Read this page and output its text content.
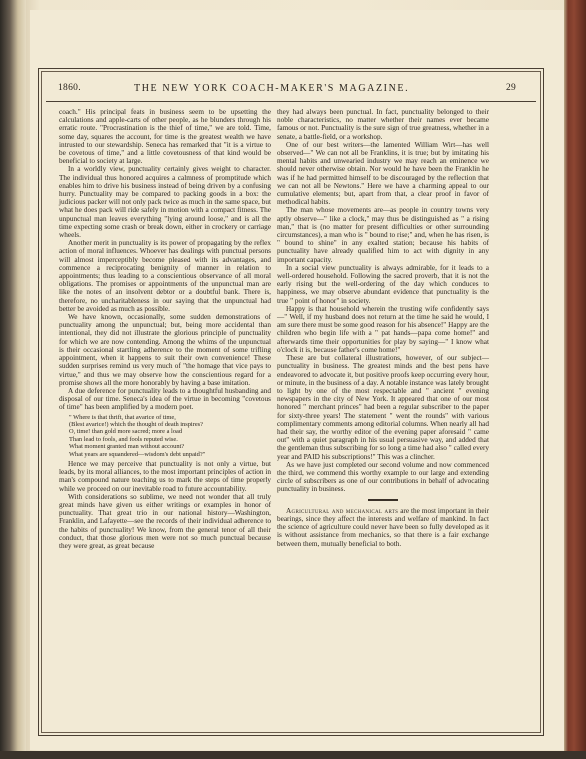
1860.	THE NEW YORK COACH-MAKER'S MAGAZINE.	29

coach." His principal feats in business seem to be upsetting the calculations and apple-carts of other people, as he blunders through his erratic route. "Procrastination is the thief of time," we are told. Time, some day, squares the account, for time is the greatest wealth we have intrusted to our stewardship. Seneca has remarked that "it is a virtue to be covetous of time," and a little covetousness of that kind would be beneficial to society at large.

In a worldly view, punctuality certainly gives weight to character. The individual thus honored acquires a calmness of promptitude which enables him to drive his business instead of being driven by a confusing hurry. Punctuality may be compared to packing goods in a box: the judicious packer will not only pack twice as much in the same space, but what he does pack will ride safely in motion with a compact fitness. The unpunctual man leaves everything "lying around loose," and is all the time expecting some crash or break down, either in crockery or carriage wheels.

Another merit in punctuality is its power of propagating by the reflex action of moral influences. Whoever has dealings with punctual persons will almost imperceptibly become pleased with its advantages, and commence a reciprocating benignity of manner in relation to appointments; thus leading to a conscientious observance of all moral obligations. The promises or appointments of the unpunctual man are like the notes of an insolvent debtor or a doubtful bank. There is, therefore, no uncharitableness in our saying that the unpunctual had better be avoided as much as possible.

We have known, occasionally, some sudden demonstrations of punctuality among the unpunctual; but, being more accidental than intentional, they did not illustrate the glorious principle of punctuality for which we are now contending. Among the whims of the unpunctual is their occasional startling adherence to the moment of some trifling appointment, when it happens to suit their own convenience! These sudden surprises remind us very much of "the homage that vice pays to virtue," and thus we may observe how the conscientious regard for a promise shows all the more honorably by having a base imitation.

A due deference for punctuality leads to a thoughtful husbanding and disposal of our time. Seneca's idea of the virtue in becoming "covetous of time" has been amplified by a modern poet.

" Where is that thrift, that avarice of time,
(Blest avarice!) which the thought of death inspires?
O, time! than gold more sacred; more a load
Than lead to fools, and fools reputed wise.
What moment granted man without account?
What years are squandered—wisdom's debt unpaid?"

Hence we may perceive that punctuality is not only a virtue, but leads, by its moral alliances, to the most important principles of action in man's compound nature teaching us to mark the steps of time properly while we proceed on our inevitable road to future accountability.

With considerations so sublime, we need not wonder that all truly great minds have given us either writings or examples in honor of punctuality. That great trio in our national history—Washington, Franklin, and Lafayette—see the records of their individual adherence to the habits of punctuality! We know, from the general tenor of all their conduct, that those glorious men were not so much punctual because they were great, as great because

they had always been punctual. In fact, punctuality belonged to their noble characteristics, no matter whether their names ever became famous or not. Punctuality is the sure sign of true greatness, whether in a senate, a battle-field, or a workshop.

One of our best writers—the lamented William Wirt—has well observed—" We can not all be Franklins, it is true; but by imitating his mental habits and unwearied industry we may reach an eminence we should never otherwise obtain. Nor would he have been the Franklin he was if he had permitted himself to be discouraged by the reflection that we can not all be Newtons." Here we have a charming appeal to our cumulative elements; but, apart from that, a clear proof in favor of methodical habits.

The man whose movements are—as people in country towns very aptly observe—" like a clock," may thus be distinguished as " a rising man," that is (no matter for present difficulties or other surrounding circumstances), a man who is " bound to rise;" and, when he has risen, is " bound to shine" in any exalted station; because his habits of punctuality have already qualified him to act with dignity in any important capacity.

In a social view punctuality is always admirable, for it leads to a well-ordered household. Following the sacred proverb, that it is not the early rising but the well-ordering of the day which conduces to happiness, we may observe abundant evidence that punctuality is the true " point of honor" in society.

Happy is that household wherein the trusting wife confidently says—" Well, if my husband does not return at the time he said he would, I am sure there must be some good reason for his absence!" Happy are the children who begin life with a " pat hands—papa come home!" and afterwards time their opportunities for play by saying—" I know what o'clock it is, because father's come home!"

These are but collateral illustrations, however, of our subject—punctuality in business. The greatest minds and the best pens have endeavored to advocate it, but positive proofs keep occurring every hour, or minute, in the business of a day. A notable instance was lately brought to light by one of the most respectable and " ancient " evening newspapers in the city of New York. It appeared that one of our most honored " merchant princes" had been a regular subscriber to the paper for sixty-three years! The statement " went the rounds" with various complimentary comments among editorial columns. When nearly all had had their say, the worthy editor of the evening paper aforesaid " came out" with a quiet paragraph in his usual persuasive way, and added that the gentleman thus subscribing for so long a time had also " called every year and PAID his subscriptions!" This was a clincher.

As we have just completed our second volume and now commenced the third, we commend this worthy example to our large and extending circle of subscribers as one of our contributions in behalf of advocating punctuality in business.

Agricultural and mechanical arts are the most important in their bearings, since they affect the interests and welfare of mankind. In fact the science of agriculture could never have been so fully developed as it is without assistance from mechanics, so that there is a fair exchange between them, mutually beneficial to both.
